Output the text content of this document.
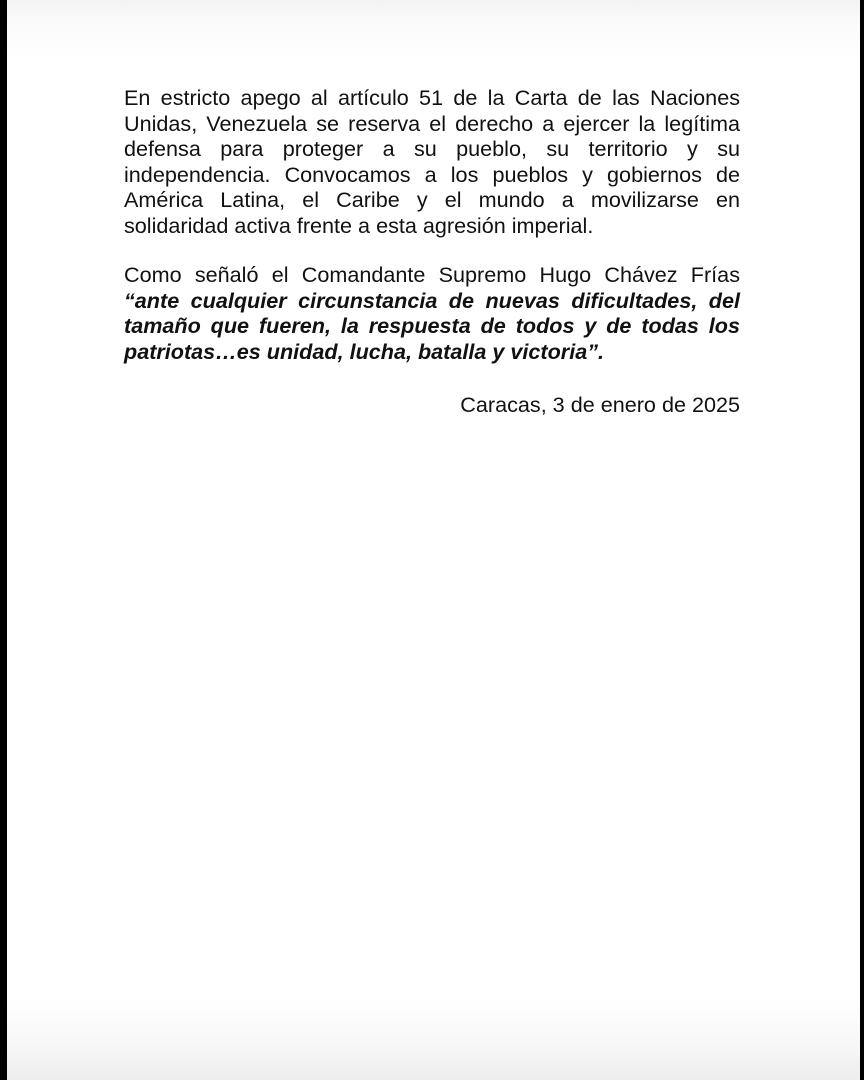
En estricto apego al artículo 51 de la Carta de las Naciones Unidas, Venezuela se reserva el derecho a ejercer la legítima defensa para proteger a su pueblo, su territorio y su independencia. Convocamos a los pueblos y gobiernos de América Latina, el Caribe y el mundo a movilizarse en solidaridad activa frente a esta agresión imperial.

Como señaló el Comandante Supremo Hugo Chávez Frías “ante cualquier circunstancia de nuevas dificultades, del tamaño que fueren, la respuesta de todos y de todas los patriotas…es unidad, lucha, batalla y victoria”.

Caracas, 3 de enero de 2025
